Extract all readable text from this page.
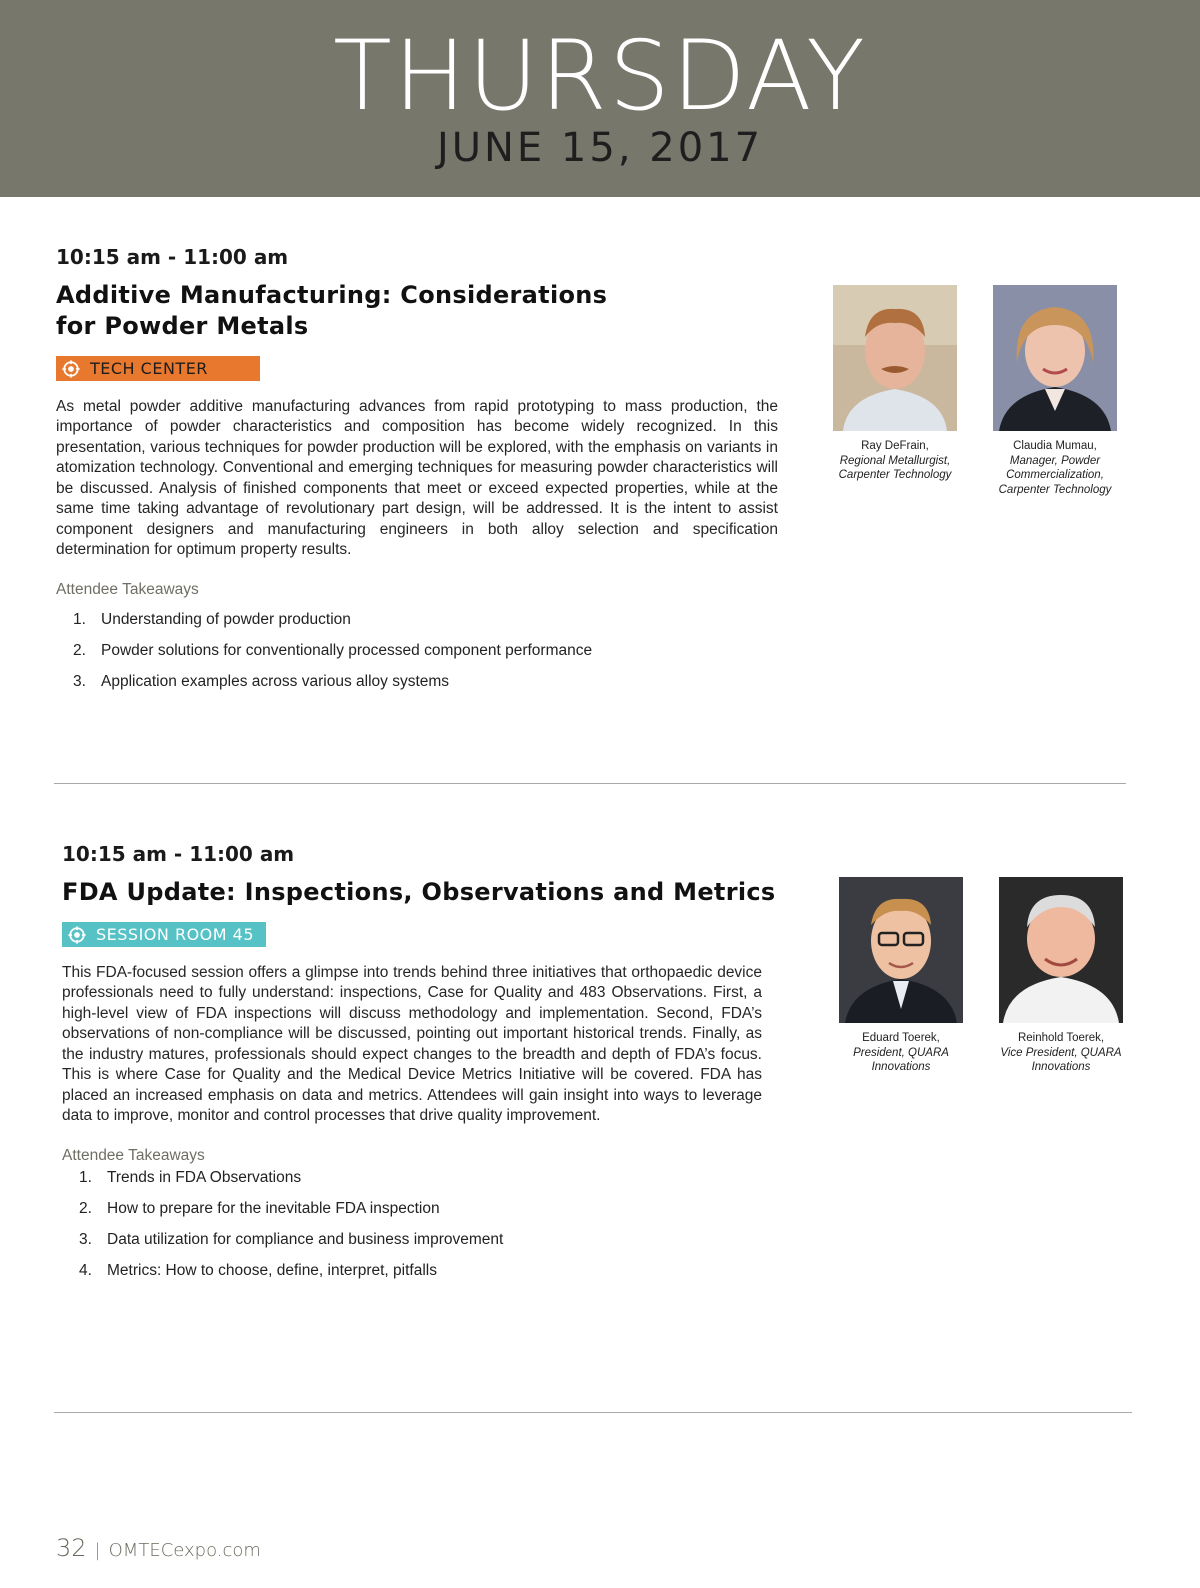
THURSDAY
JUNE 15, 2017
10:15 am - 11:00 am
Additive Manufacturing: Considerations for Powder Metals
TECH CENTER

As metal powder additive manufacturing advances from rapid prototyping to mass production, the importance of powder characteristics and composition has become widely recognized. In this presentation, various techniques for powder production will be explored, with the emphasis on variants in atomization technology. Conventional and emerging techniques for measuring powder characteristics will be discussed. Analysis of finished components that meet or exceed expected properties, while at the same time taking advantage of revolutionary part design, will be addressed. It is the intent to assist component designers and manufacturing engineers in both alloy selection and specification determination for optimum property results.

Attendee Takeaways
1. Understanding of powder production
2. Powder solutions for conventionally processed component performance
3. Application examples across various alloy systems
Ray DeFrain,
Regional Metallurgist, Carpenter Technology
Claudia Mumau,
Manager, Powder Commercialization, Carpenter Technology
10:15 am - 11:00 am
FDA Update: Inspections, Observations and Metrics
SESSION ROOM 45

This FDA-focused session offers a glimpse into trends behind three initiatives that orthopaedic device professionals need to fully understand: inspections, Case for Quality and 483 Observations. First, a high-level view of FDA inspections will discuss methodology and implementation. Second, FDA’s observations of non-compliance will be discussed, pointing out important historical trends. Finally, as the industry matures, professionals should expect changes to the breadth and depth of FDA’s focus. This is where Case for Quality and the Medical Device Metrics Initiative will be covered. FDA has placed an increased emphasis on data and metrics. Attendees will gain insight into ways to leverage data to improve, monitor and control processes that drive quality improvement.

Attendee Takeaways
1. Trends in FDA Observations
2. How to prepare for the inevitable FDA inspection
3. Data utilization for compliance and business improvement
4. Metrics: How to choose, define, interpret, pitfalls
Eduard Toerek,
President, QUARA Innovations
Reinhold Toerek,
Vice President, QUARA Innovations
32 | OMTECexpo.com
